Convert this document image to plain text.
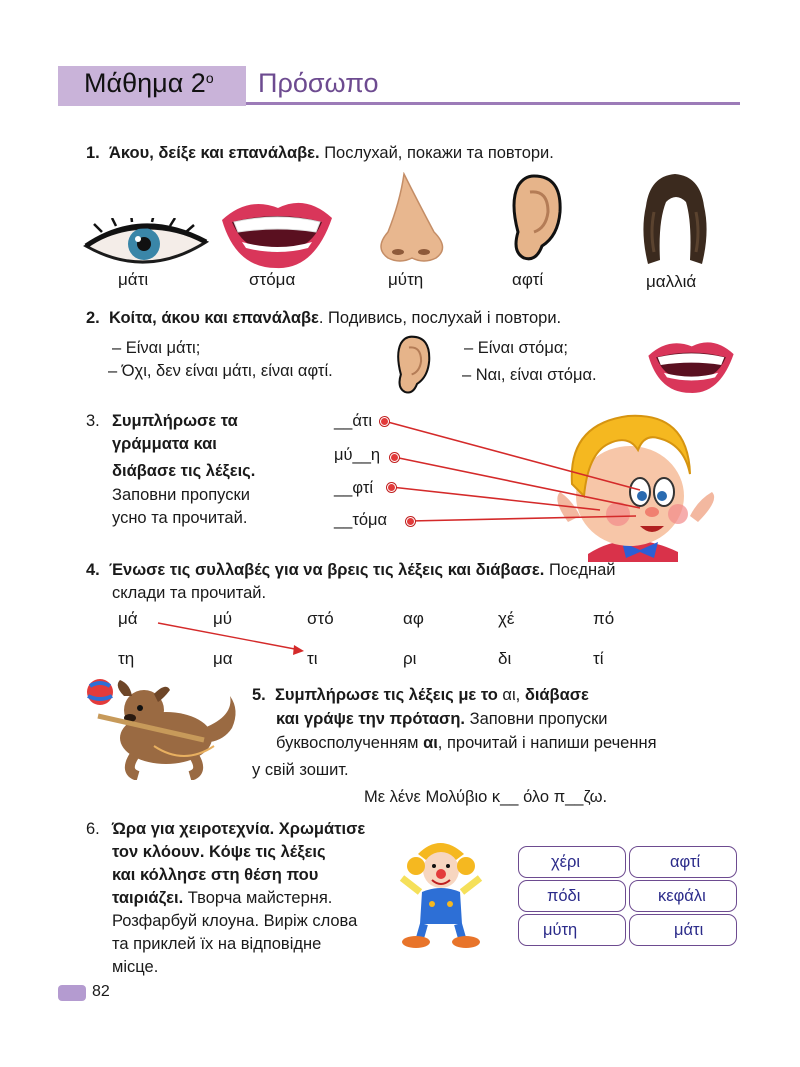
Μάθημα $2^o$ Πρόσωπο
1. Άκου, δείξε και επανάλαβε. Послухай, покажи та повтори.
μάτι	στόμα	μύτη	αφτί	μαλλιά
2. Κοίτα, άκου και επανάλαβε. Подивись, послухай і повтори.
– Είναι μάτι;
– Όχι, δεν είναι μάτι, είναι αφτί.
– Είναι στόμα;
– Ναι, είναι στόμα.
3. Συμπλήρωσε τα
γράμματα και
διάβασε τις λέξεις.
Заповни пропуски
усно та прочитай.
__άτι
μύ__η
__φτί
__τόμα
4. Ένωσε τις συλλαβές για να βρεις τις λέξεις και διάβασε. Поєднай
склади та прочитай.
μά	μύ	στό	αφ	χέ	πό
τη	μα	τι	ρι	δι	τί
5. Συμπλήρωσε τις λέξεις με το αι, διάβασε
και γράψε την πρόταση. Заповни пропуски
буквосполученням αι, прочитай і напиши речення
у свій зошит.
Με λένε Μολύβιο κ__ όλο π__ζω.
6. Ώρα για χειροτεχνία. Χρωμάτισε
τον κλόουν. Κόψε τις λέξεις
και κόλλησε στη θέση που
ταιριάζει. Творча майстерня.
Розфарбуй клоуна. Виріж слова
та приклей їх на відповідне
місце.
χέρι	αφτί
πόδι	κεφάλι
μύτη	μάτι
82
